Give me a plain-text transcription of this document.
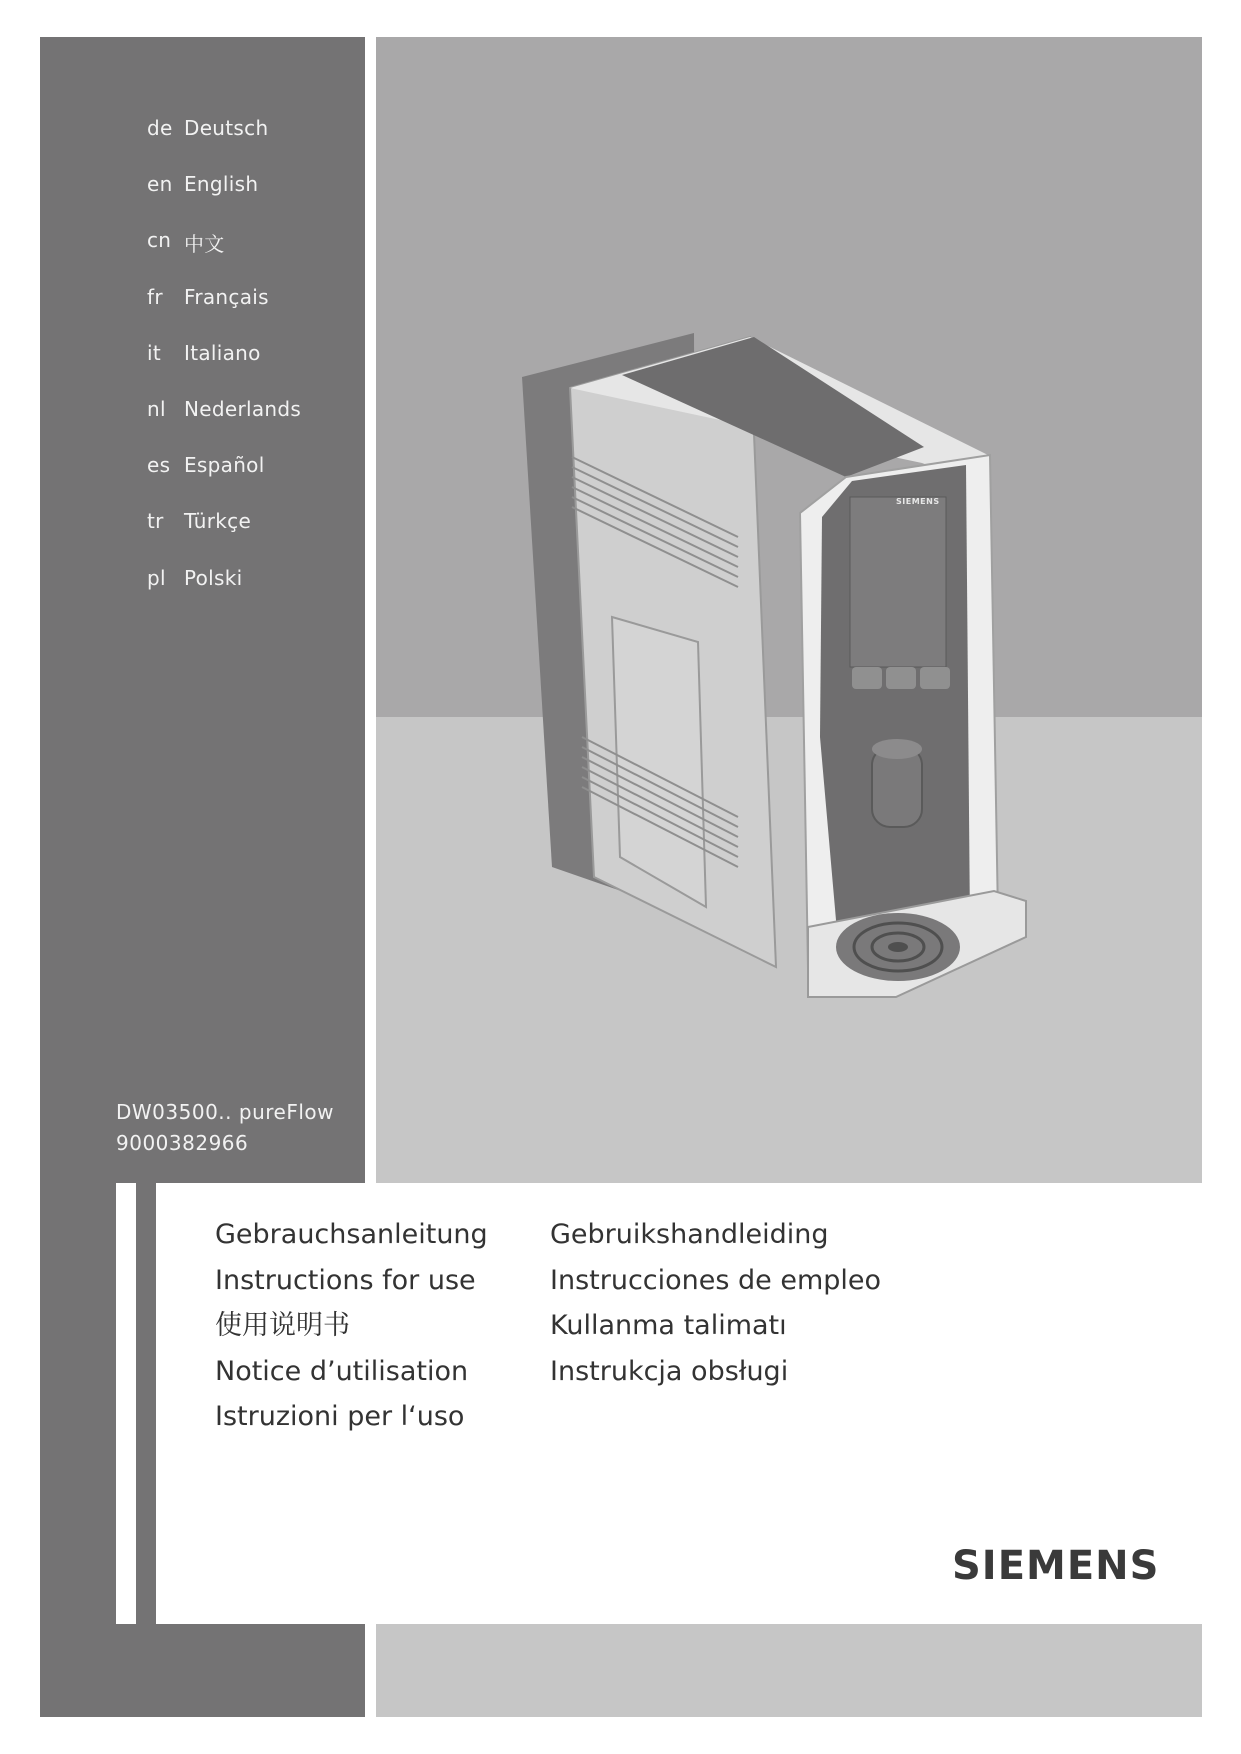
SIEMENS
de Deutsch
en English
cn 中文
fr	Français
it	Italiano
nl Nederlands
es Español
tr	Türkçe
pl Polski
DW03500.. pureFlow
9000382966
Gebrauchsanleitung
Instructions for use
使用说明书
Notice d’utilisation
Istruzioni per l‘uso
Gebruikshandleiding
Instrucciones de empleo
Kullanma talimatı
Instrukcja obsługi
SIEMENS
